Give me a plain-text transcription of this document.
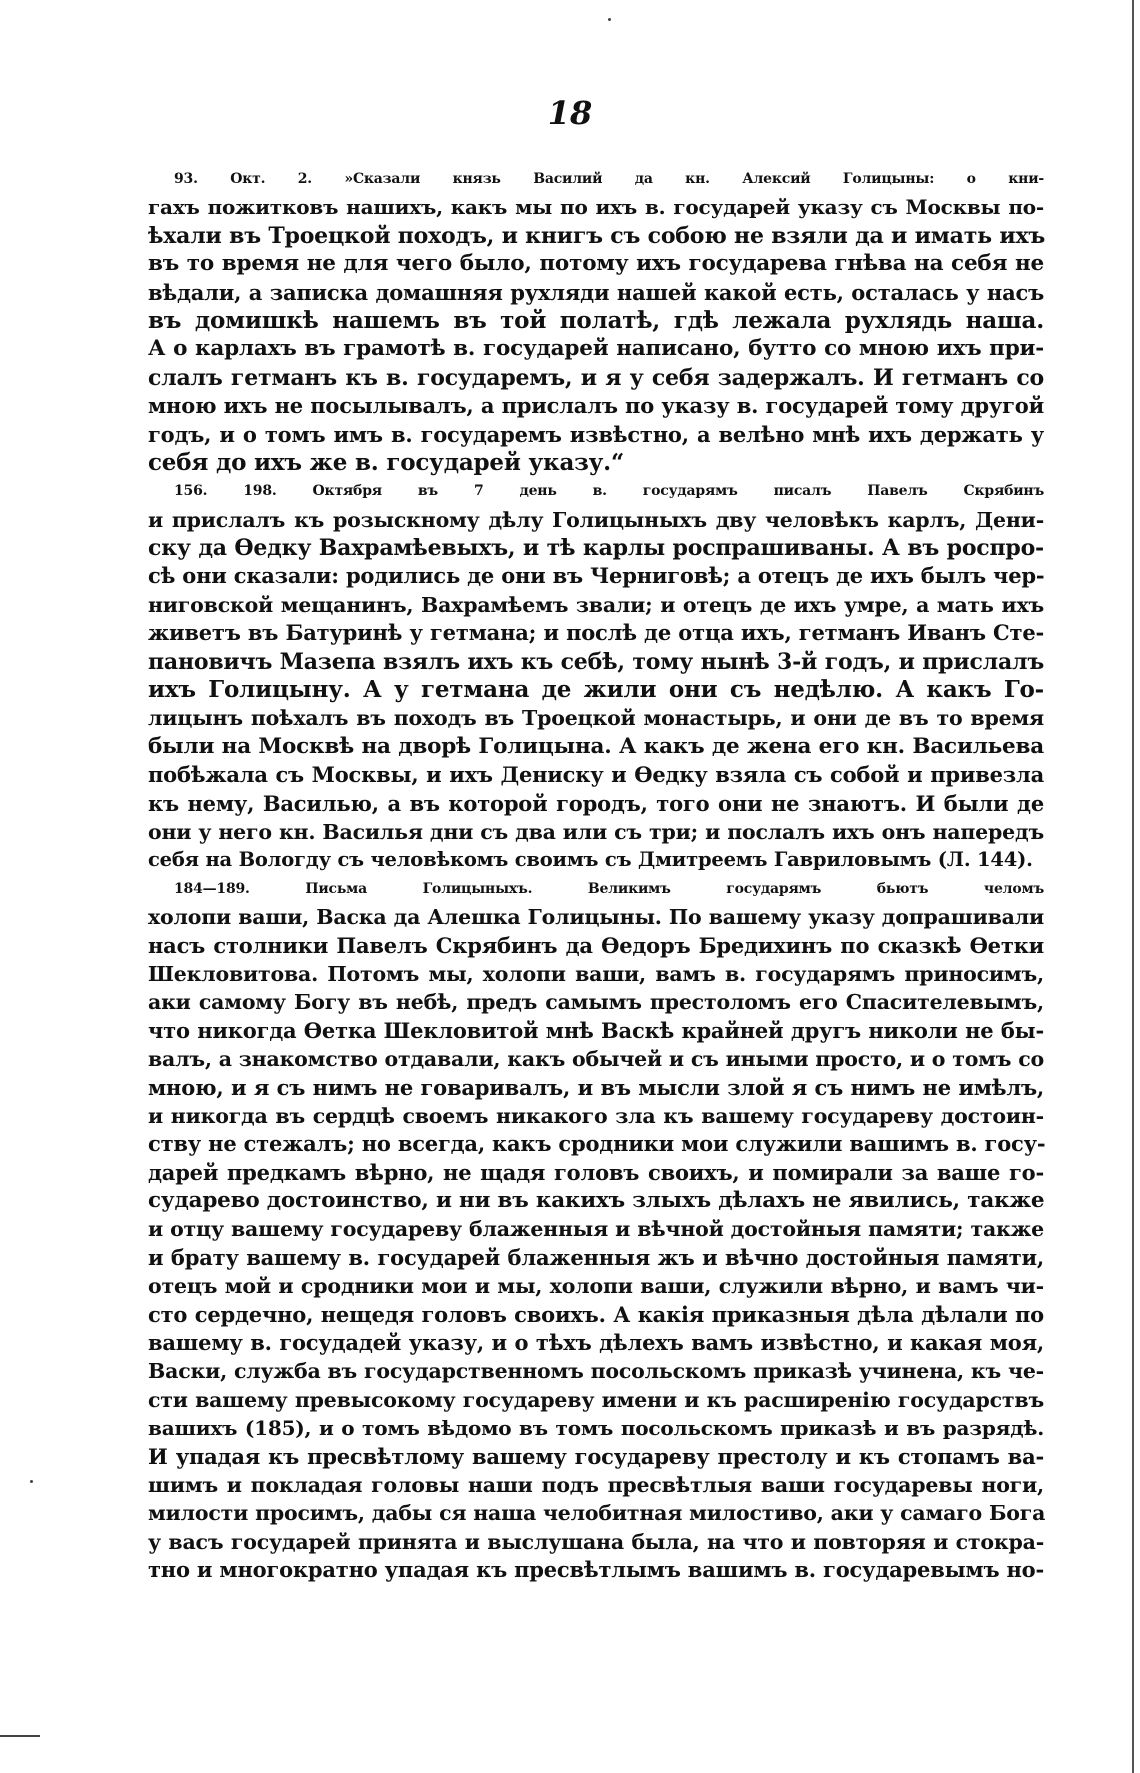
18
93. Окт. 2. »Сказали князь Василий да кн. Алексий Голицыны: о кни-
гахъ пожитковъ нашихъ, какъ мы по ихъ в. государей указу съ Москвы по-
ѣхали въ Троецкой походъ, и книгъ съ собою не взяли да и имать ихъ
въ то время не для чего было, потому ихъ государева гнѣва на себя не
вѣдали, а записка домашняя рухляди нашей какой есть, осталась у насъ
въ домишкѣ нашемъ въ той полатѣ, гдѣ лежала рухлядь наша.
А о карлахъ въ грамотѣ в. государей написано, бутто со мною ихъ при-
слалъ гетманъ къ в. государемъ, и я у себя задержалъ. И гетманъ со
мною ихъ не посылывалъ, а прислалъ по указу в. государей тому другой
годъ, и о томъ имъ в. государемъ извѣстно, а велѣно мнѣ ихъ держать у
себя до ихъ же в. государей указу.“
156. 198. Октября въ 7 день в. государямъ писалъ Павелъ Скрябинъ
и прислалъ къ розыскному дѣлу Голицыныхъ дву человѣкъ карлъ, Дени-
ску да Ѳедку Вахрамѣевыхъ, и тѣ карлы роспрашиваны. А въ роспро-
сѣ они сказали: родились де они въ Черниговѣ; а отецъ де ихъ былъ чер-
ниговской мещанинъ, Вахрамѣемъ звали; и отецъ де ихъ умре, а мать ихъ
живетъ въ Батуринѣ у гетмана; и послѣ де отца ихъ, гетманъ Иванъ Сте-
пановичъ Мазепа взялъ ихъ къ себѣ, тому нынѣ 3-й годъ, и прислалъ
ихъ Голицыну. А у гетмана де жили они съ недѣлю. А какъ Го-
лицынъ поѣхалъ въ походъ въ Троецкой монастырь, и они де въ то время
были на Москвѣ на дворѣ Голицына. А какъ де жена его кн. Васильева
побѣжала съ Москвы, и ихъ Дениску и Ѳедку взяла съ собой и привезла
къ нему, Василью, а въ которой городъ, того они не знаютъ. И были де
они у него кн. Василья дни съ два или съ три; и послалъ ихъ онъ напередъ
себя на Вологду съ человѣкомъ своимъ съ Дмитреемъ Гавриловымъ (Л. 144).
184—189. Письма Голицыныхъ. Великимъ государямъ бьютъ челомъ
холопи ваши, Васка да Алешка Голицыны. По вашему указу допрашивали
насъ столники Павелъ Скрябинъ да Ѳедоръ Бредихинъ по сказкѣ Ѳетки
Шекловитова. Потомъ мы, холопи ваши, вамъ в. государямъ приносимъ,
аки самому Богу въ небѣ, предъ самымъ престоломъ его Спасителевымъ,
что никогда Ѳетка Шекловитой мнѣ Васкѣ крайней другъ николи не бы-
валъ, а знакомство отдавали, какъ обычей и съ иными просто, и о томъ со
мною, и я съ нимъ не говаривалъ, и въ мысли злой я съ нимъ не имѣлъ,
и никогда въ сердцѣ своемъ никакого зла къ вашему государеву достоин-
ству не стежалъ; но всегда, какъ сродники мои служили вашимъ в. госу-
дарей предкамъ вѣрно, не щадя головъ своихъ, и помирали за ваше го-
сударево достоинство, и ни въ какихъ злыхъ дѣлахъ не явились, также
и отцу вашему государеву блаженныя и вѣчной достойныя памяти; также
и брату вашему в. государей блаженныя жъ и вѣчно достойныя памяти,
отецъ мой и сродники мои и мы, холопи ваши, служили вѣрно, и вамъ чи-
сто сердечно, нещедя головъ своихъ. А какія приказныя дѣла дѣлали по
вашему в. госудадей указу, и о тѣхъ дѣлехъ вамъ извѣстно, и какая моя,
Васки, служба въ государственномъ посольскомъ приказѣ учинена, къ че-
сти вашему превысокому государеву имени и къ расширенію государствъ
вашихъ (185), и о томъ вѣдомо въ томъ посольскомъ приказѣ и въ разрядѣ.
И упадая къ пресвѣтлому вашему государеву престолу и къ стопамъ ва-
шимъ и покладая головы наши подъ пресвѣтлыя ваши государевы ноги,
милости просимъ, дабы ся наша челобитная милостиво, аки у самаго Бога
у васъ государей принята и выслушана была, на что и повторяя и стокра-
тно и многократно упадая къ пресвѣтлымъ вашимъ в. государевымъ но-
